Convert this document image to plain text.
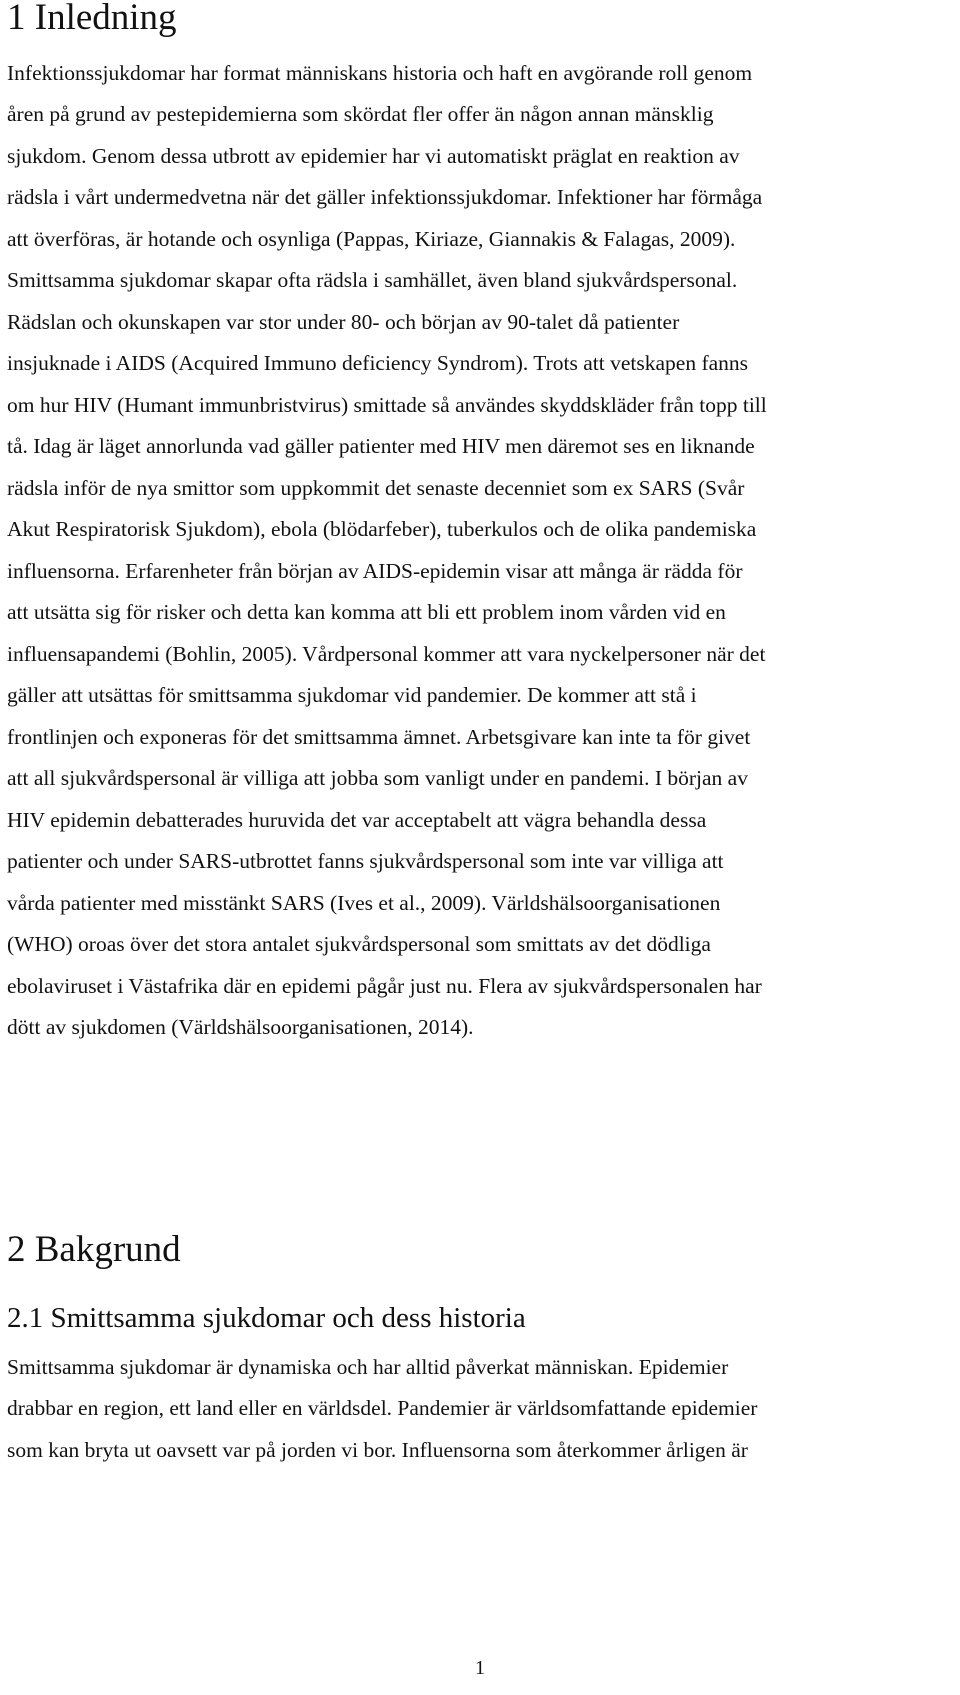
1 Inledning
Infektionssjukdomar har format människans historia och haft en avgörande roll genom
åren på grund av pestepidemierna som skördat fler offer än någon annan mänsklig
sjukdom. Genom dessa utbrott av epidemier har vi automatiskt präglat en reaktion av
rädsla i vårt undermedvetna när det gäller infektionssjukdomar. Infektioner har förmåga
att överföras, är hotande och osynliga (Pappas, Kiriaze, Giannakis & Falagas, 2009).
Smittsamma sjukdomar skapar ofta rädsla i samhället, även bland sjukvårdspersonal.
Rädslan och okunskapen var stor under 80- och början av 90-talet då patienter
insjuknade i AIDS (Acquired Immuno deficiency Syndrom). Trots att vetskapen fanns
om hur HIV (Humant immunbristvirus) smittade så användes skyddskläder från topp till
tå. Idag är läget annorlunda vad gäller patienter med HIV men däremot ses en liknande
rädsla inför de nya smittor som uppkommit det senaste decenniet som ex SARS (Svår
Akut Respiratorisk Sjukdom), ebola (blödarfeber), tuberkulos och de olika pandemiska
influensorna. Erfarenheter från början av AIDS-epidemin visar att många är rädda för
att utsätta sig för risker och detta kan komma att bli ett problem inom vården vid en
influensapandemi (Bohlin, 2005). Vårdpersonal kommer att vara nyckelpersoner när det
gäller att utsättas för smittsamma sjukdomar vid pandemier. De kommer att stå i
frontlinjen och exponeras för det smittsamma ämnet. Arbetsgivare kan inte ta för givet
att all sjukvårdspersonal är villiga att jobba som vanligt under en pandemi. I början av
HIV epidemin debatterades huruvida det var acceptabelt att vägra behandla dessa
patienter och under SARS-utbrottet fanns sjukvårdspersonal som inte var villiga att
vårda patienter med misstänkt SARS (Ives et al., 2009). Världshälsoorganisationen
(WHO) oroas över det stora antalet sjukvårdspersonal som smittats av det dödliga
ebolaviruset i Västafrika där en epidemi pågår just nu. Flera av sjukvårdspersonalen har
dött av sjukdomen (Världshälsoorganisationen, 2014).
2 Bakgrund
2.1 Smittsamma sjukdomar och dess historia
Smittsamma sjukdomar är dynamiska och har alltid påverkat människan. Epidemier
drabbar en region, ett land eller en världsdel. Pandemier är världsomfattande epidemier
som kan bryta ut oavsett var på jorden vi bor. Influensorna som återkommer årligen är
1
